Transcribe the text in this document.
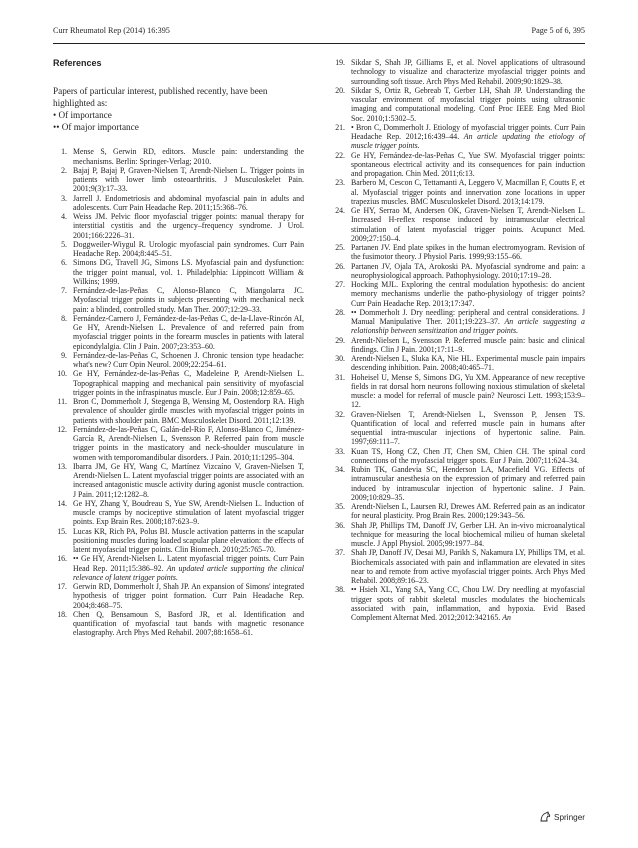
Curr Rheumatol Rep (2014) 16:395	Page 5 of 6, 395
References
Papers of particular interest, published recently, have been highlighted as:
• Of importance
•• Of major importance
1. Mense S, Gerwin RD, editors. Muscle pain: understanding the mechanisms. Berlin: Springer-Verlag; 2010.
2. Bajaj P, Bajaj P, Graven-Nielsen T, Arendt-Nielsen L. Trigger points in patients with lower limb osteoarthritis. J Musculoskelet Pain. 2001;9(3):17–33.
3. Jarrell J. Endometriosis and abdominal myofascial pain in adults and adolescents. Curr Pain Headache Rep. 2011;15:368–76.
4. Weiss JM. Pelvic floor myofascial trigger points: manual therapy for interstitial cystitis and the urgency–frequency syndrome. J Urol. 2001;166:2226–31.
5. Doggweiler-Wiygul R. Urologic myofascial pain syndromes. Curr Pain Headache Rep. 2004;8:445–51.
6. Simons DG, Travell JG, Simons LS. Myofascial pain and dysfunction: the trigger point manual, vol. 1. Philadelphia: Lippincott William & Wilkins; 1999.
7. Fernández-de-las-Peñas C, Alonso-Blanco C, Miangolarra JC. Myofascial trigger points in subjects presenting with mechanical neck pain: a blinded, controlled study. Man Ther. 2007;12:29–33.
8. Fernández-Carnero J, Fernández-de-las-Peñas C, de-la-Llave-Rincón AI, Ge HY, Arendt-Nielsen L. Prevalence of and referred pain from myofascial trigger points in the forearm muscles in patients with lateral epicondylalgia. Clin J Pain. 2007;23:353–60.
9. Fernández-de-las-Peñas C, Schoenen J. Chronic tension type headache: what's new? Curr Opin Neurol. 2009;22:254–61.
10. Ge HY, Fernández-de-las-Peñas C, Madeleine P, Arendt-Nielsen L. Topographical mapping and mechanical pain sensitivity of myofascial trigger points in the infraspinatus muscle. Eur J Pain. 2008;12:859–65.
11. Bron C, Dommerholt J, Stegenga B, Wensing M, Oostendorp RA. High prevalence of shoulder girdle muscles with myofascial trigger points in patients with shoulder pain. BMC Musculoskelet Disord. 2011;12:139.
12. Fernández-de-las-Peñas C, Galán-del-Río F, Alonso-Blanco C, Jiménez-García R, Arendt-Nielsen L, Svensson P. Referred pain from muscle trigger points in the masticatory and neck-shoulder musculature in women with temporomandibular disorders. J Pain. 2010;11:1295–304.
13. Ibarra JM, Ge HY, Wang C, Martínez Vizcaíno V, Graven-Nielsen T, Arendt-Nielsen L. Latent myofascial trigger points are associated with an increased antagonistic muscle activity during agonist muscle contraction. J Pain. 2011;12:1282–8.
14. Ge HY, Zhang Y, Boudreau S, Yue SW, Arendt-Nielsen L. Induction of muscle cramps by nociceptive stimulation of latent myofascial trigger points. Exp Brain Res. 2008;187:623–9.
15. Lucas KR, Rich PA, Polus BI. Muscle activation patterns in the scapular positioning muscles during loaded scapular plane elevation: the effects of latent myofascial trigger points. Clin Biomech. 2010;25:765–70.
16. •• Ge HY, Arendt-Nielsen L. Latent myofascial trigger points. Curr Pain Head Rep. 2011;15:386–92. An updated article supporting the clinical relevance of latent trigger points.
17. Gerwin RD, Dommerholt J, Shah JP. An expansion of Simons' integrated hypothesis of trigger point formation. Curr Pain Headache Rep. 2004;8:468–75.
18. Chen Q, Bensamoun S, Basford JR, et al. Identification and quantification of myofascial taut bands with magnetic resonance elastography. Arch Phys Med Rehabil. 2007;88:1658–61.
19. Sikdar S, Shah JP, Gilliams E, et al. Novel applications of ultrasound technology to visualize and characterize myofascial trigger points and surrounding soft tissue. Arch Phys Med Rehabil. 2009;90:1829–38.
20. Sikdar S, Ortiz R, Gebreab T, Gerber LH, Shah JP. Understanding the vascular environment of myofascial trigger points using ultrasonic imaging and computational modeling. Conf Proc IEEE Eng Med Biol Soc. 2010;1:5302–5.
21. • Bron C, Dommerholt J. Etiology of myofascial trigger points. Curr Pain Headache Rep. 2012;16:439–44. An article updating the etiology of muscle trigger points.
22. Ge HY, Fernández-de-las-Peñas C, Yue SW. Myofascial trigger points: spontaneous electrical activity and its consequences for pain induction and propagation. Chin Med. 2011;6:13.
23. Barbero M, Cescon C, Tettamanti A, Leggero V, Macmillan F, Coutts F, et al. Myofascial trigger points and innervation zone locations in upper trapezius muscles. BMC Musculoskelet Disord. 2013;14:179.
24. Ge HY, Serrao M, Andersen OK, Graven-Nielsen T, Arendt-Nielsen L. Increased H-reflex response induced by intramuscular electrical stimulation of latent myofascial trigger points. Acupunct Med. 2009;27:150–4.
25. Partanen JV. End plate spikes in the human electromyogram. Revision of the fusimotor theory. J Physiol Paris. 1999;93:155–66.
26. Partanen JV, Ojala TA, Arokoski PA. Myofascial syndrome and pain: a neurophysiological approach. Pathophysiology. 2010;17:19–28.
27. Hocking MJL. Exploring the central modulation hypothesis: do ancient memory mechanisms underlie the patho-physiology of trigger points? Curr Pain Headache Rep. 2013;17:347.
28. •• Dommerholt J. Dry needling: peripheral and central considerations. J Manual Manipulative Ther. 2011;19:223–37. An article suggesting a relationship between sensitization and trigger points.
29. Arendt-Nielsen L, Svensson P. Referred muscle pain: basic and clinical findings. Clin J Pain. 2001;17:11–9.
30. Arendt-Nielsen L, Sluka KA, Nie HL. Experimental muscle pain impairs descending inhibition. Pain. 2008;40:465–71.
31. Hoheisel U, Mense S, Simons DG, Yu XM. Appearance of new receptive fields in rat dorsal horn neurons following noxious stimulation of skeletal muscle: a model for referral of muscle pain? Neurosci Lett. 1993;153:9–12.
32. Graven-Nielsen T, Arendt-Nielsen L, Svensson P, Jensen TS. Quantification of local and referred muscle pain in humans after sequential intra-muscular injections of hypertonic saline. Pain. 1997;69:111–7.
33. Kuan TS, Hong CZ, Chen JT, Chen SM, Chien CH. The spinal cord connections of the myofascial trigger spots. Eur J Pain. 2007;11:624–34.
34. Rubin TK, Gandevia SC, Henderson LA, Macefield VG. Effects of intramuscular anesthesia on the expression of primary and referred pain induced by intramuscular injection of hypertonic saline. J Pain. 2009;10:829–35.
35. Arendt-Nielsen L, Laursen RJ, Drewes AM. Referred pain as an indicator for neural plasticity. Prog Brain Res. 2000;129:343–56.
36. Shah JP, Phillips TM, Danoff JV, Gerber LH. An in-vivo microanalytical technique for measuring the local biochemical milieu of human skeletal muscle. J Appl Physiol. 2005;99:1977–84.
37. Shah JP, Danoff JV, Desai MJ, Parikh S, Nakamura LY, Phillips TM, et al. Biochemicals associated with pain and inflammation are elevated in sites near to and remote from active myofascial trigger points. Arch Phys Med Rehabil. 2008;89:16–23.
38. •• Hsieh XL, Yang SA, Yang CC, Chou LW. Dry needling at myofascial trigger spots of rabbit skeletal muscles modulates the biochemicals associated with pain, inflammation, and hypoxia. Evid Based Complement Alternat Med. 2012;2012:342165. An
Springer
